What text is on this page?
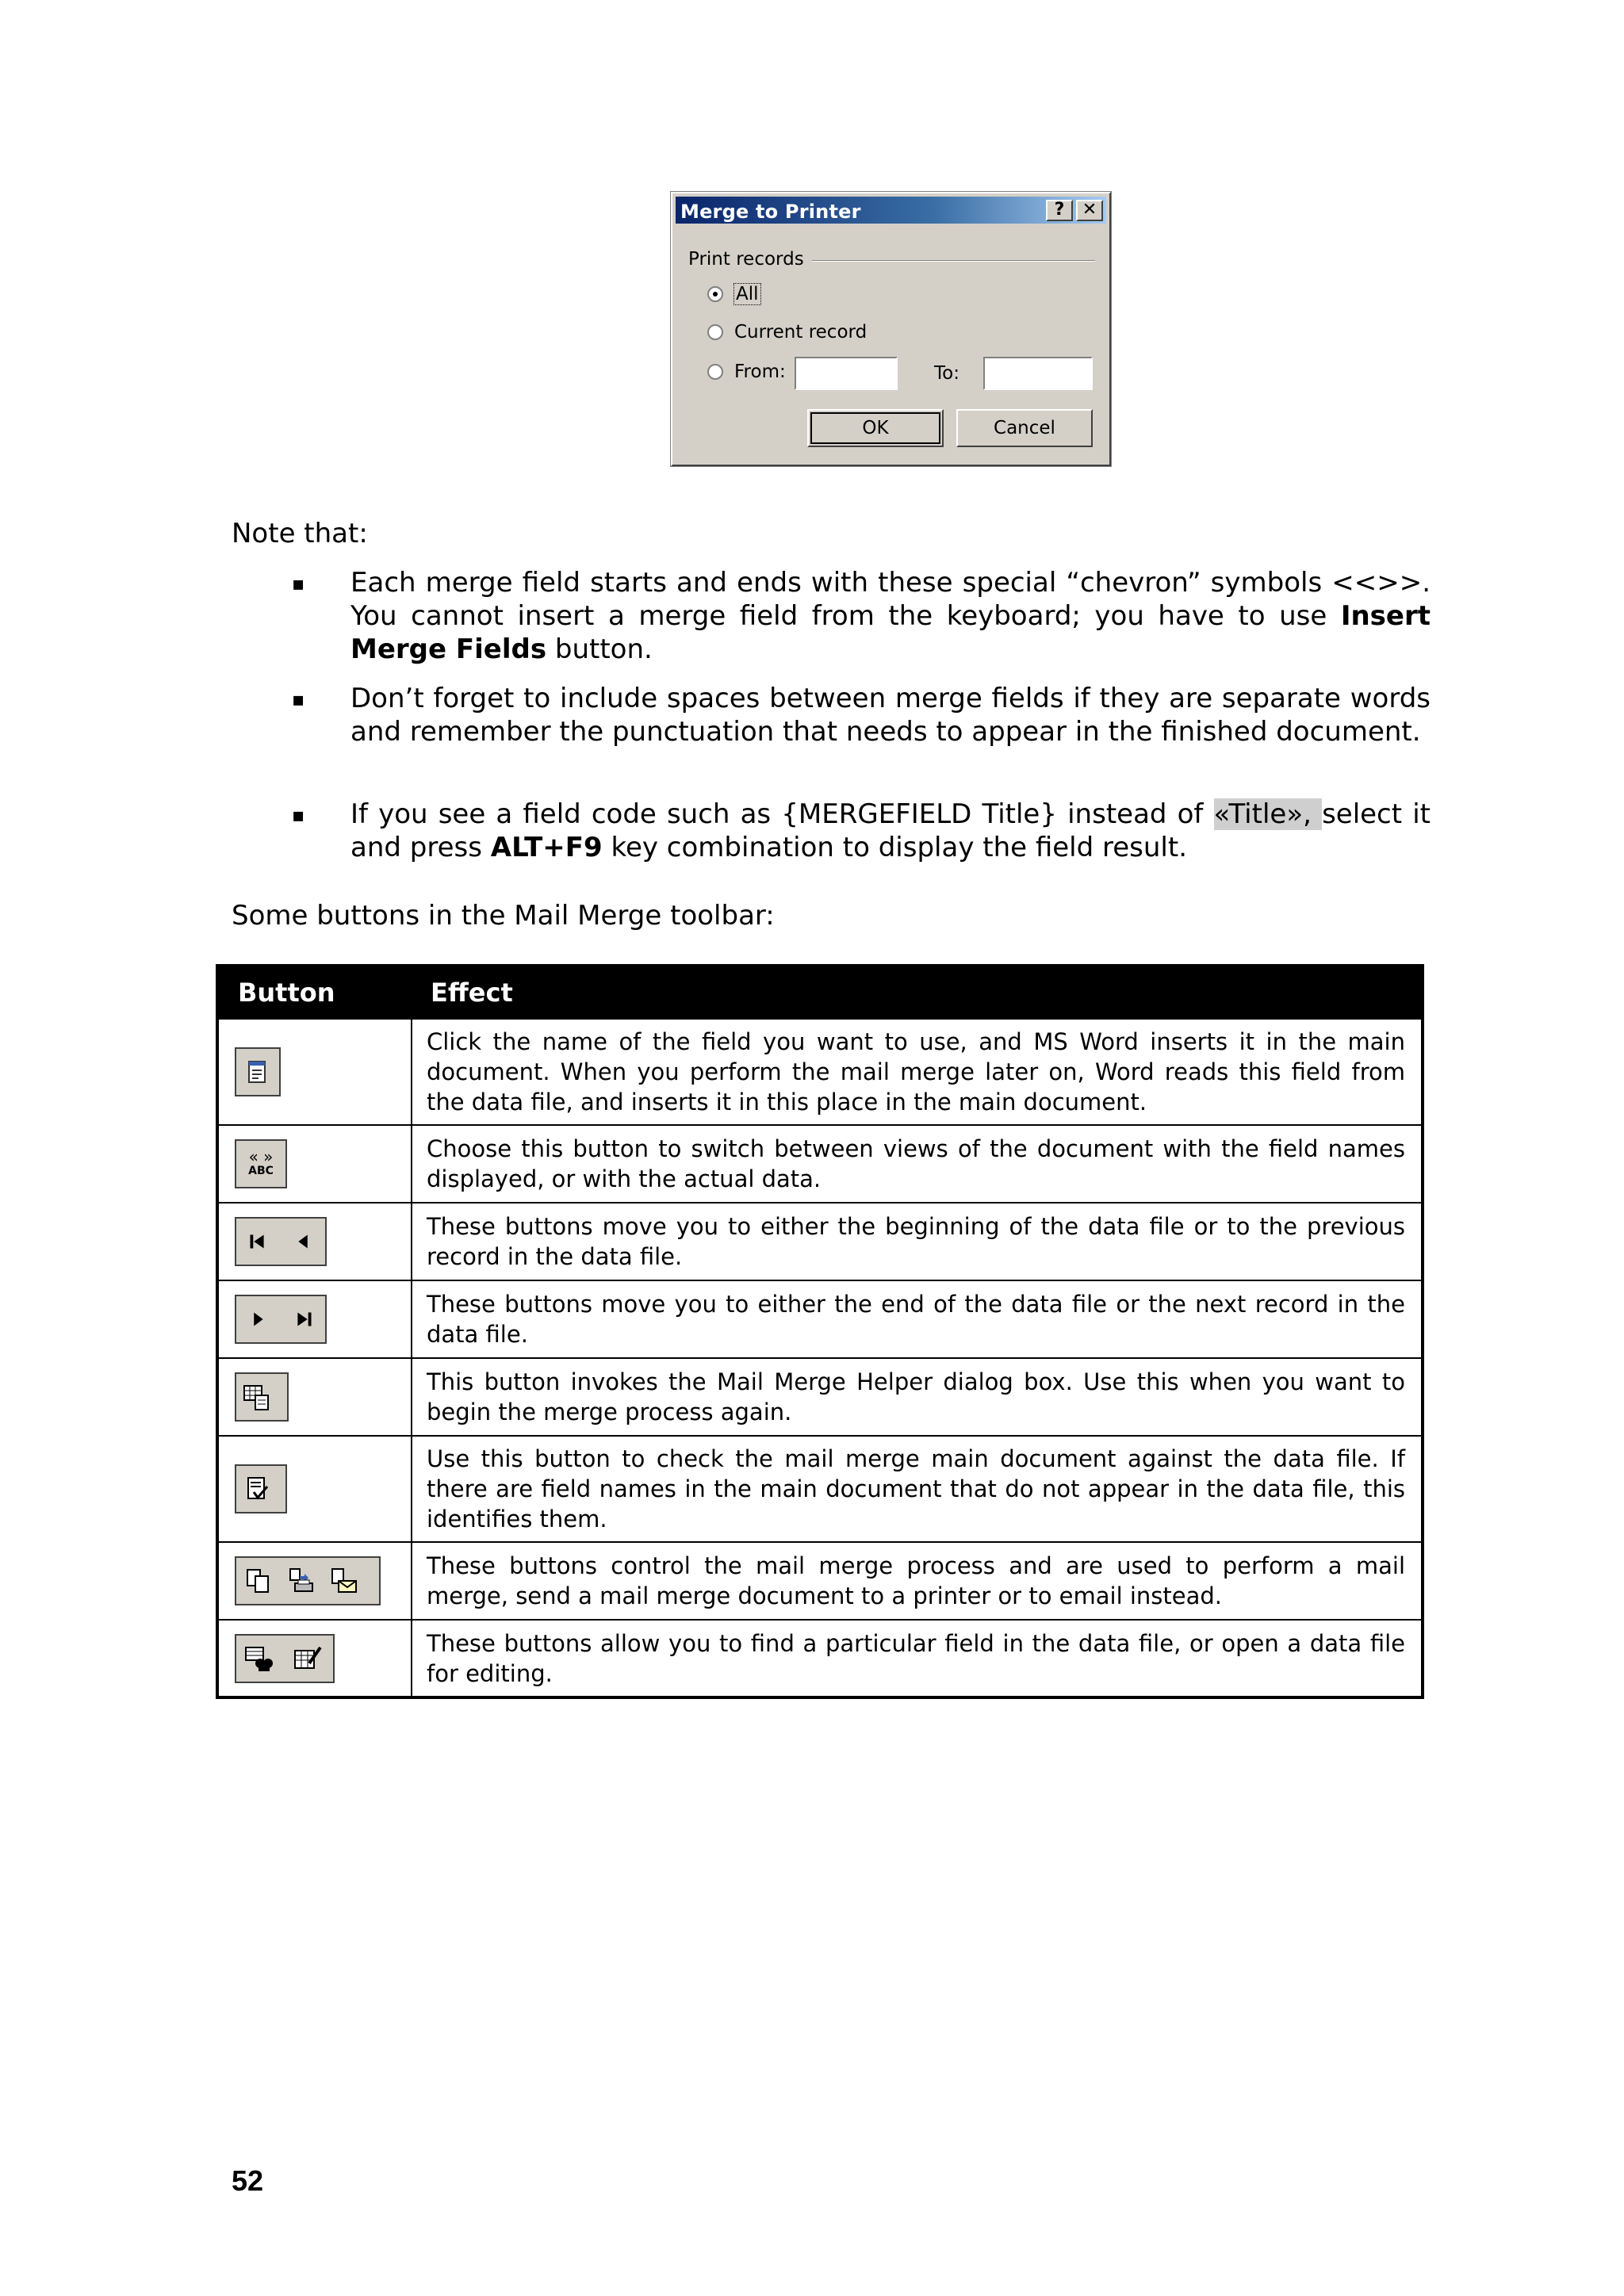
Merge to Printer	?	✕
Print records
All
Current record
From:	To:
OK	Cancel
Note that:
▪ Each merge field starts and ends with these special “chevron” symbols <<>>. You cannot insert a merge field from the keyboard; you have to use Insert Merge Fields button.
▪ Don’t forget to include spaces between merge fields if they are separate words and remember the punctuation that needs to appear in the finished document.
▪ If you see a field code such as {MERGEFIELD Title} instead of «Title», select it and press ALT+F9 key combination to display the field result.
Some buttons in the Mail Merge toolbar:
Button	Effect

	Click the name of the field you want to use, and MS Word inserts it in the main document. When you perform the mail merge later on, Word reads this field from the data file, and inserts it in this place in the main document.

« »
ABC	Choose this button to switch between views of the document with the field names displayed, or with the actual data.

	These buttons move you to either the beginning of the data file or to the previous record in the data file.

	These buttons move you to either the end of the data file or the next record in the data file.

	This button invokes the Mail Merge Helper dialog box. Use this when you want to begin the merge process again.

	Use this button to check the mail merge main document against the data file. If there are field names in the main document that do not appear in the data file, this identifies them.

	These buttons control the mail merge process and are used to perform a mail merge, send a mail merge document to a printer or to email instead.

	These buttons allow you to find a particular field in the data file, or open a data file for editing.
52
